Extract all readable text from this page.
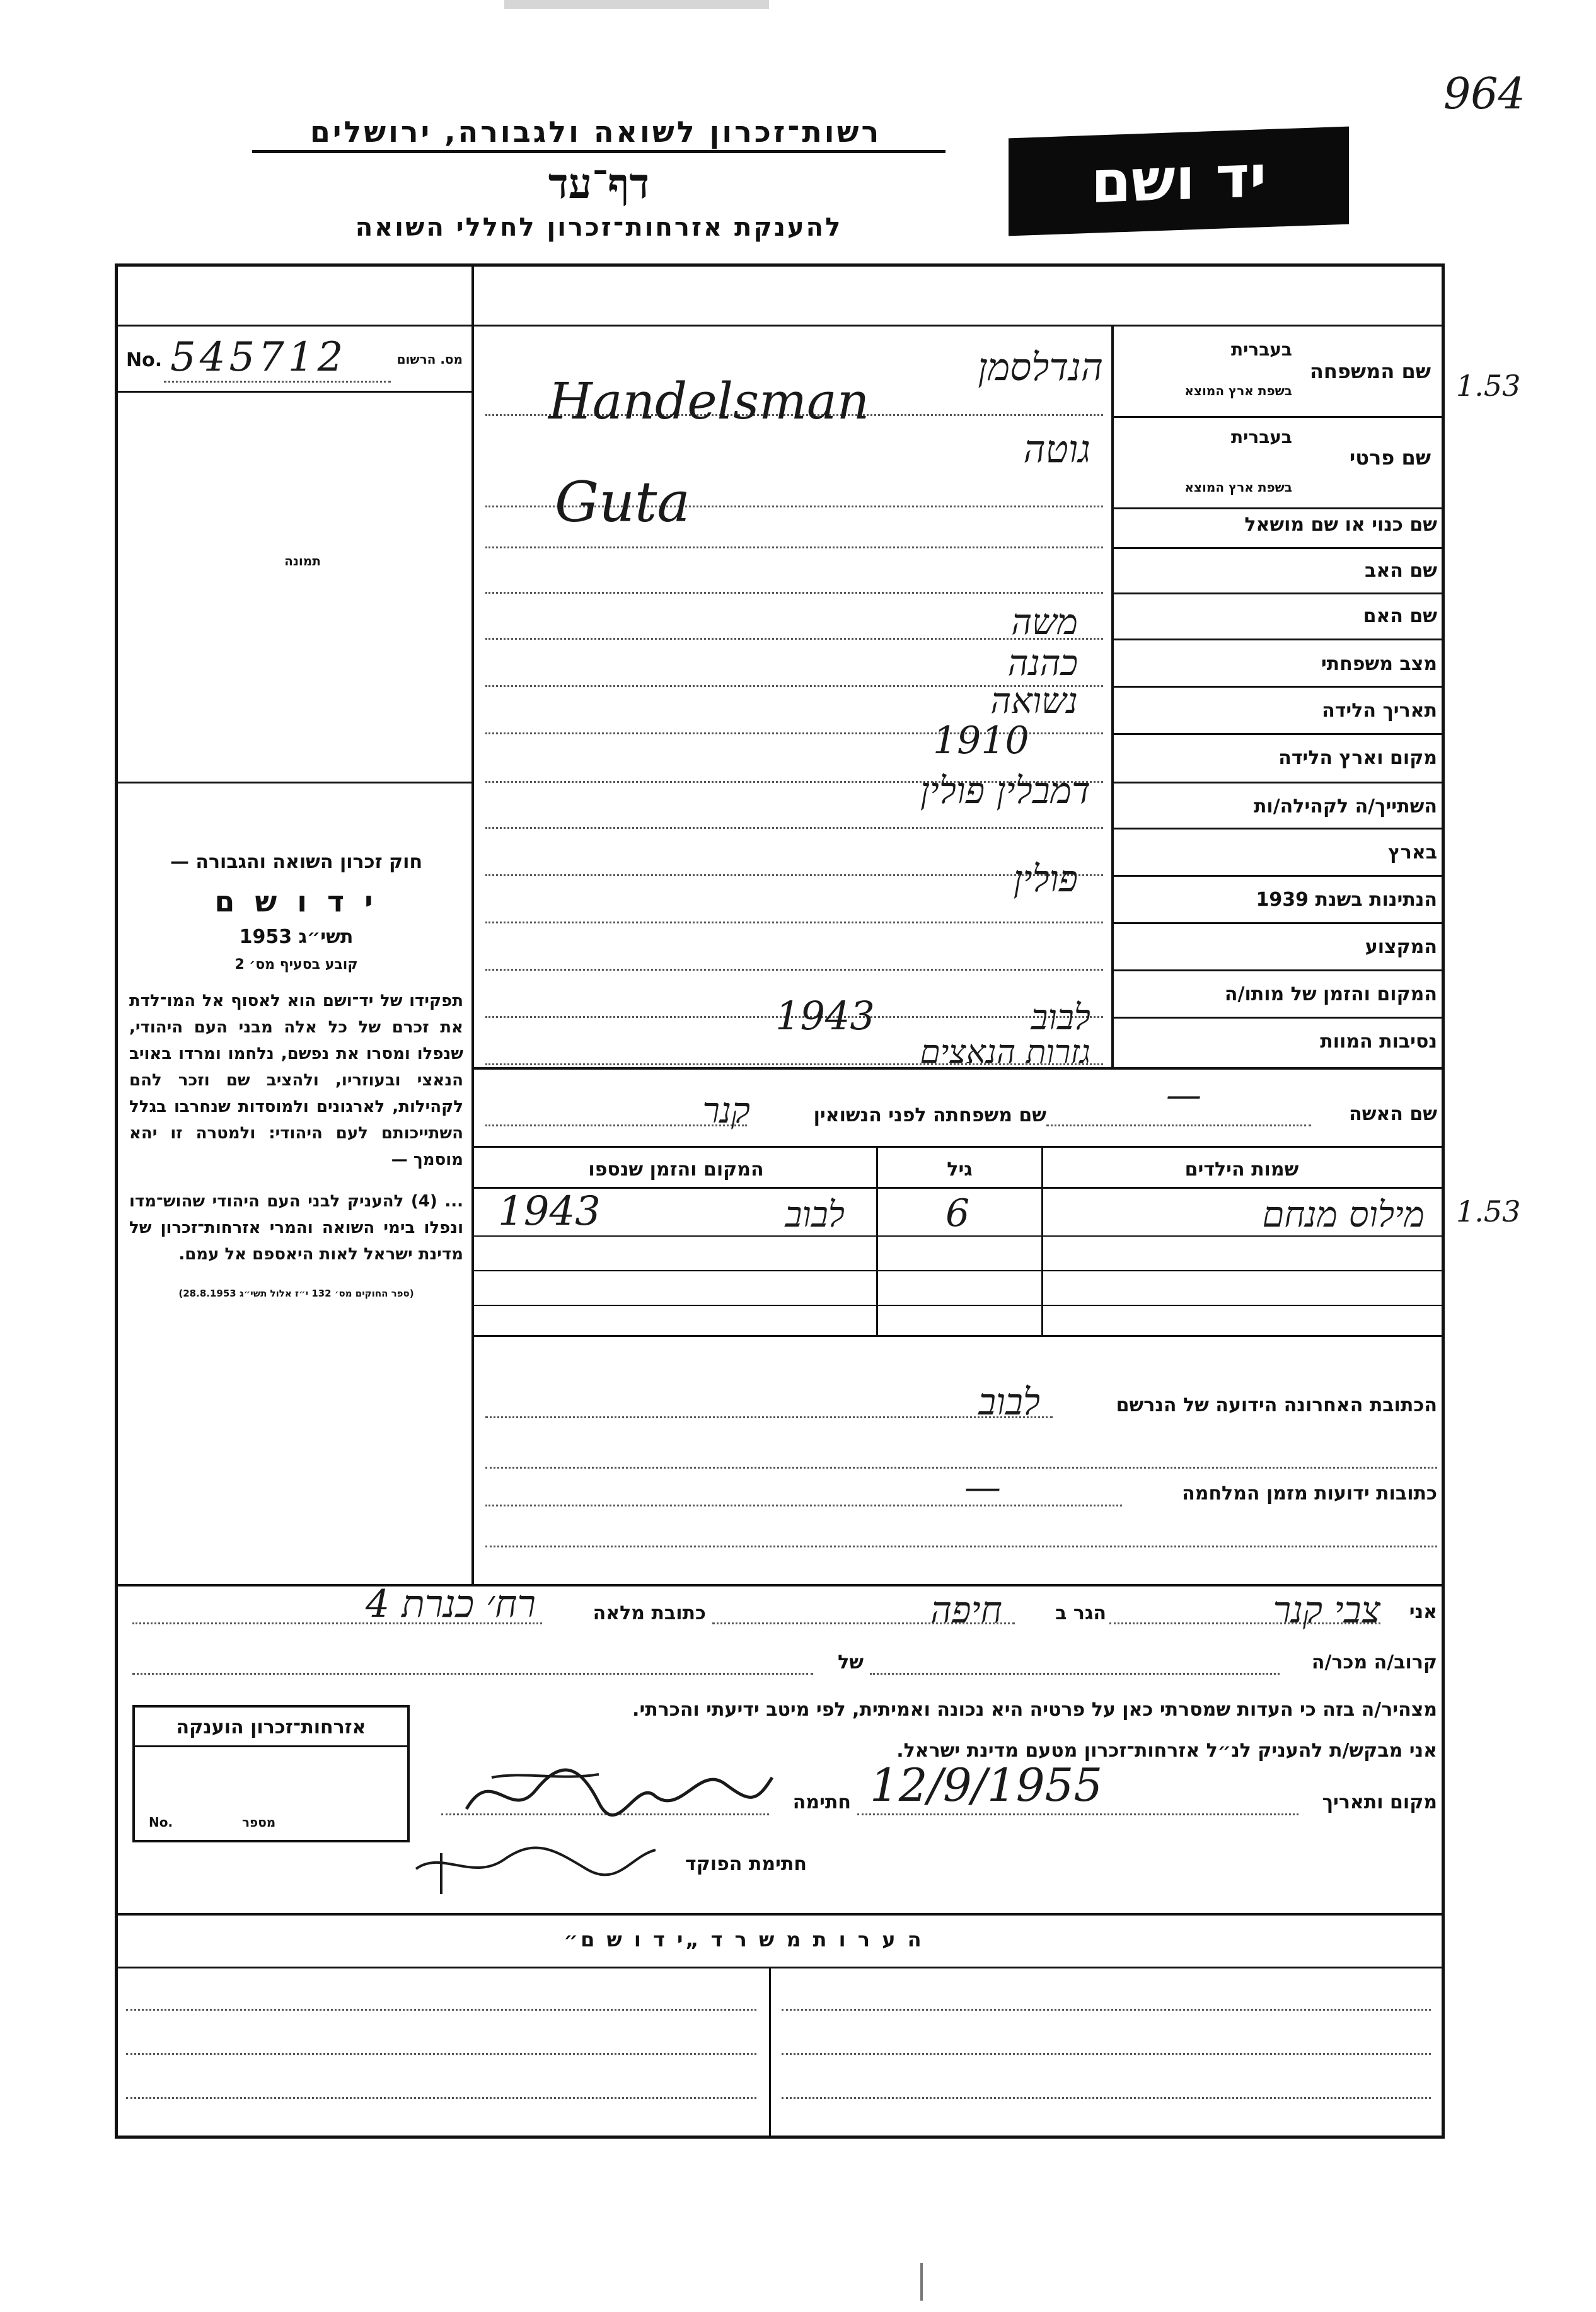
964
1.53
1.53
רשות־זכרון לשואה ולגבורה, ירושלים
דף־עד
להענקת אזרחות־זכרון לחללי השואה
יד ושם
No. 545712	מס. הרשום
תמונה
חוק זכרון השואה והגבורה —
י ד ו ש ם
תשי״ג 1953
קובע בסעיף מס׳ 2
תפקידו של יד־ושם הוא לאסוף אל המו־לדת את זכרם של כל אלה מבני העם היהודי, שנפלו ומסרו את נפשם, נלחמו ומרדו באויב הנאצי ובעוזריו, ולהציב שם וזכר להם לקהילות, לארגונים ולמוסדות שנחרבו בגלל השתייכותם לעם היהודי: ולמטרה זו יהא מוסמך —
... (4) להעניק לבני העם היהודי שהוש־מדו ונפלו בימי השואה והמרי אזרחות־זכרון של מדינת ישראל לאות היאספם אל עמם.
(ספר החוקים מס׳ 132 י״ז אלול תשי״ג 28.8.1953)
שם המשפחה
בעברית
בשפת ארץ המוצא
שם פרטי
בעברית
בשפת ארץ המוצא
שם כנוי או שם מושאל
שם האב
שם האם
מצב משפחתי
תאריך הלידה
מקום וארץ הלידה
השתייך/ה לקהילה/ות
בארץ
הנתינות בשנת 1939
המקצוע
המקום והזמן של מותו/ה
נסיבות המוות
הנדלסמן
Handelsman
גוטה
Guta
משה
כהנה
נשואה
1910
דמבלין פולין
פולין
לבוב
1943
גזרות הנאצים
שם האשה
—
שם משפחתה לפני הנשואין
קנר
שמות הילדים
גיל
המקום והזמן שנספו
מילוס מנחם
6
לבוב
1943
הכתובת האחרונה הידועה של הנרשם
לבוב
כתובות ידועות מזמן המלחמה
—
אני
צבי קנר
הגר ב
חיפה
כתובת מלאה
רח׳ כנרת 4
קרוב/ה מכר/ה
של
מצהיר/ה בזה כי העדות שמסרתי כאן על פרטיה היא נכונה ואמיתית, לפי מיטב ידיעתי והכרתי.
אני מבקש/ת להעניק לנ״ל אזרחות־זכרון מטעם מדינת ישראל.
מקום ותאריך
12/9/1955
חתימה
חתימת הפוקד
אזרחות־זכרון הוענקה
No.	מספר
ה ע ר ו ת מ ש ר ד „י ד ו ש ם״
